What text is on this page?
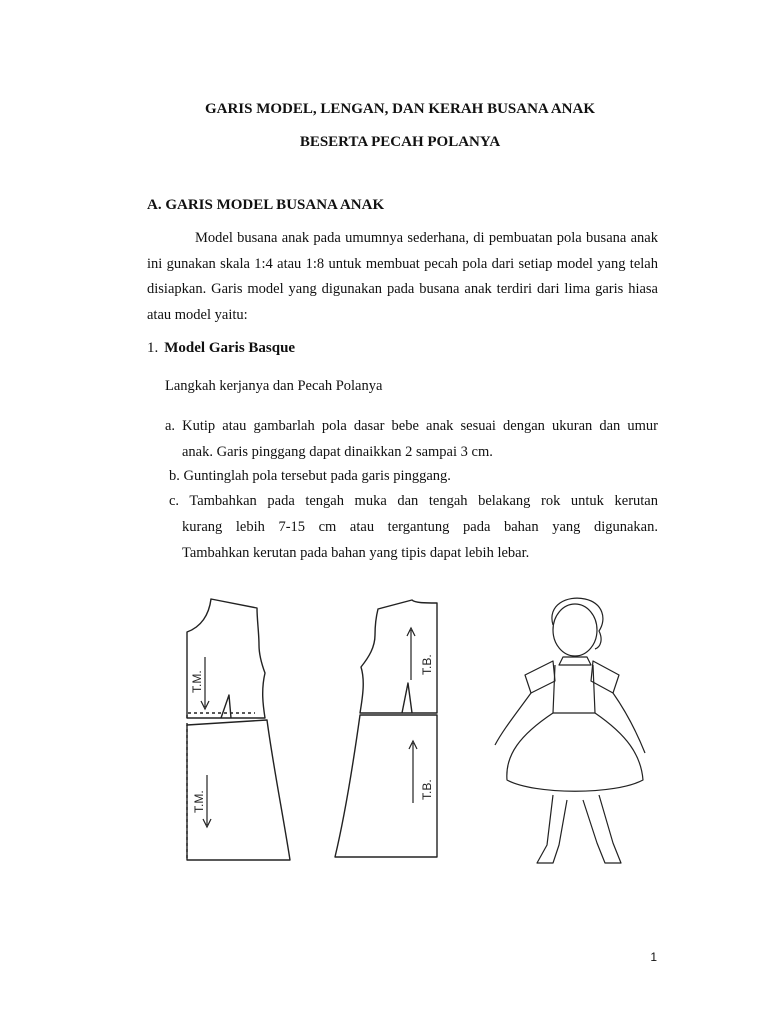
GARIS MODEL, LENGAN, DAN KERAH BUSANA ANAK
BESERTA PECAH POLANYA
A. GARIS MODEL BUSANA ANAK
Model busana anak pada umumnya sederhana, di pembuatan pola busana anak ini gunakan skala 1:4 atau 1:8 untuk membuat pecah pola dari setiap model yang telah disiapkan. Garis model yang digunakan pada busana anak terdiri dari lima garis hiasa atau model yaitu:
1. Model Garis Basque
Langkah kerjanya dan Pecah Polanya
a. Kutip atau gambarlah pola dasar bebe anak sesuai dengan ukuran dan umur
anak. Garis pinggang dapat dinaikkan 2 sampai 3 cm.
b. Guntinglah pola tersebut pada garis pinggang.
c. Tambahkan pada tengah muka dan tengah belakang rok untuk kerutan
kurang lebih 7-15 cm atau tergantung pada bahan yang digunakan.
Tambahkan kerutan pada bahan yang tipis dapat lebih lebar.
T.M.
T.M.
T.B.
T.B.
1
